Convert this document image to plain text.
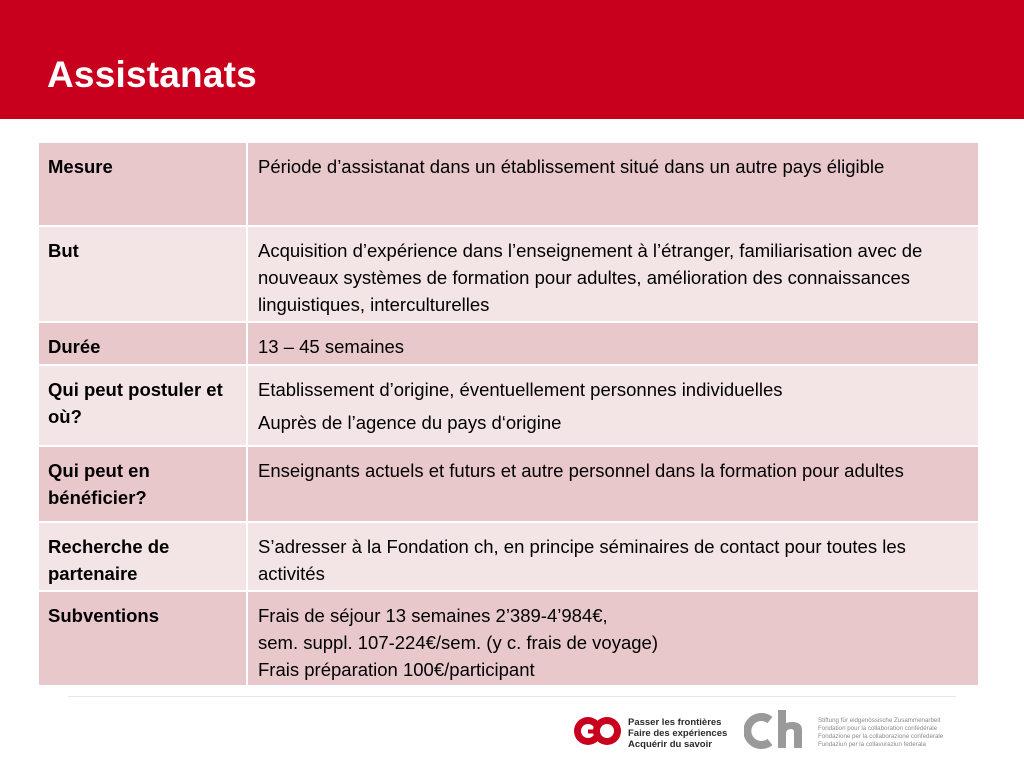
Assistanats
Mesure	Période d’assistanat dans un établissement situé dans un autre pays éligible
But	Acquisition d’expérience dans l’enseignement à l’étranger, familiarisation avec de nouveaux systèmes de formation pour adultes, amélioration des connaissances linguistiques, interculturelles
Durée	13 – 45 semaines
Qui peut postuler et où?	Etablissement d’origine, éventuellement personnes individuelles
Auprès de l’agence du pays d‘origine

Qui peut en bénéficier?	Enseignants actuels et futurs et autre personnel dans la formation pour adultes
Recherche de partenaire	S’adresser à la Fondation ch, en principe séminaires de contact pour toutes les activités
Subventions	Frais de séjour 13 semaines 2’389-4’984€,
sem. suppl. 107-224€/sem. (y c. frais de voyage)
Frais préparation 100€/participant
Passer les frontières
Faire des expériences
Acquérir du savoir
Stiftung für eidgenössische Zusammenarbeit
Fondation pour la collaboration confédérale
Fondazione per la collaborazione confederale
Fundaziun per la collavuraziun federala
